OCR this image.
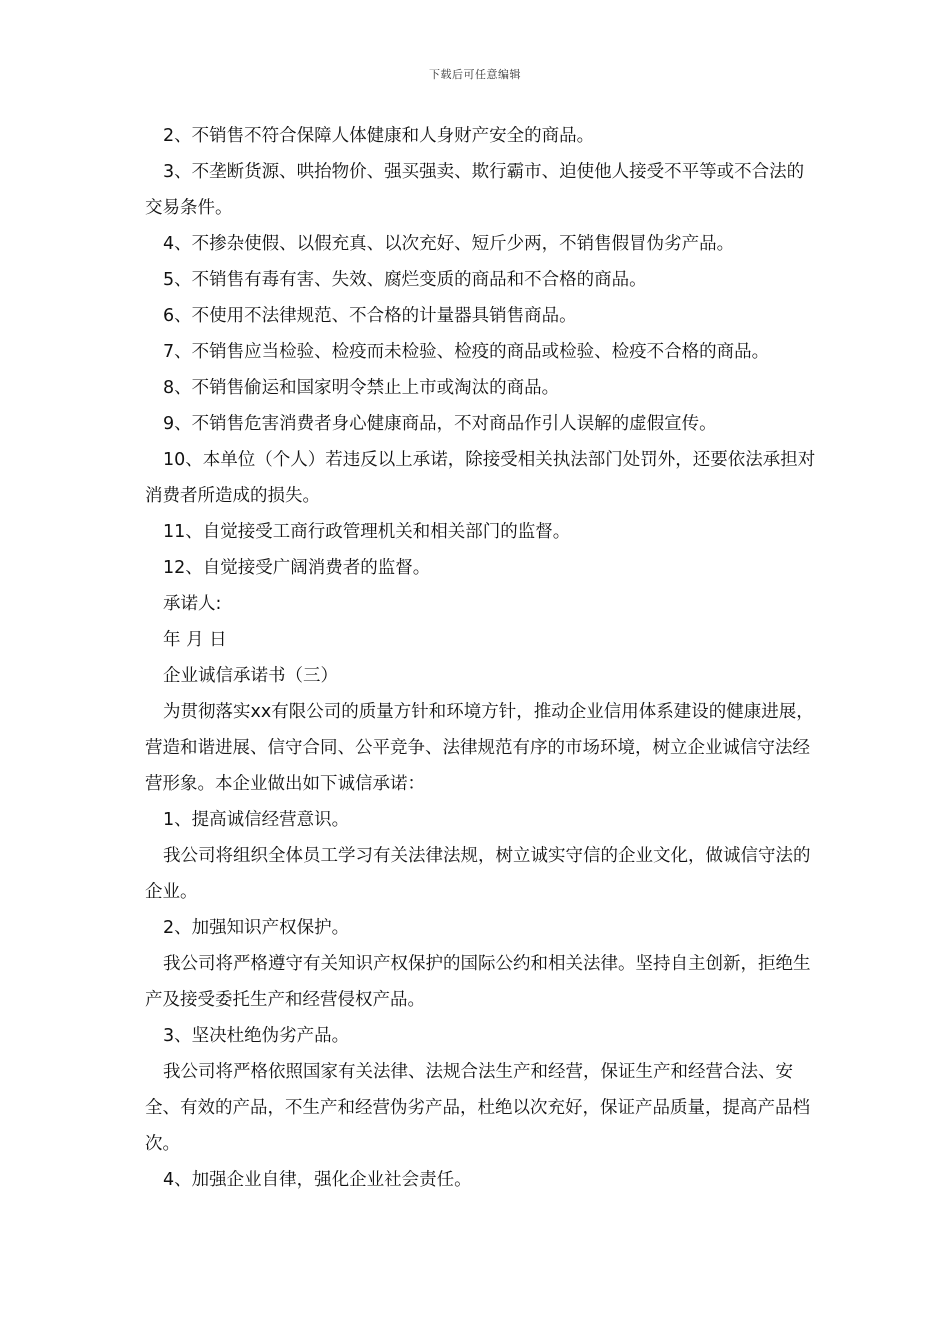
下载后可任意编辑

2、不销售不符合保障人体健康和人身财产安全的商品。

3、不垄断货源、哄抬物价、强买强卖、欺行霸市、迫使他人接受不平等或不合法的交易条件。

4、不掺杂使假、以假充真、以次充好、短斤少两，不销售假冒伪劣产品。

5、不销售有毒有害、失效、腐烂变质的商品和不合格的商品。

6、不使用不法律规范、不合格的计量器具销售商品。

7、不销售应当检验、检疫而未检验、检疫的商品或检验、检疫不合格的商品。

8、不销售偷运和国家明令禁止上市或淘汰的商品。

9、不销售危害消费者身心健康商品，不对商品作引人误解的虚假宣传。

10、本单位（个人）若违反以上承诺，除接受相关执法部门处罚外，还要依法承担对消费者所造成的损失。

11、自觉接受工商行政管理机关和相关部门的监督。

12、自觉接受广阔消费者的监督。

承诺人:

年 月 日

企业诚信承诺书（三）

为贯彻落实xx有限公司的质量方针和环境方针，推动企业信用体系建设的健康进展，营造和谐进展、信守合同、公平竞争、法律规范有序的市场环境，树立企业诚信守法经营形象。本企业做出如下诚信承诺：

1、提高诚信经营意识。

我公司将组织全体员工学习有关法律法规，树立诚实守信的企业文化，做诚信守法的企业。

2、加强知识产权保护。

我公司将严格遵守有关知识产权保护的国际公约和相关法律。坚持自主创新，拒绝生产及接受委托生产和经营侵权产品。

3、坚决杜绝伪劣产品。

我公司将严格依照国家有关法律、法规合法生产和经营，保证生产和经营合法、安全、有效的产品，不生产和经营伪劣产品，杜绝以次充好，保证产品质量，提高产品档次。

4、加强企业自律，强化企业社会责任。
